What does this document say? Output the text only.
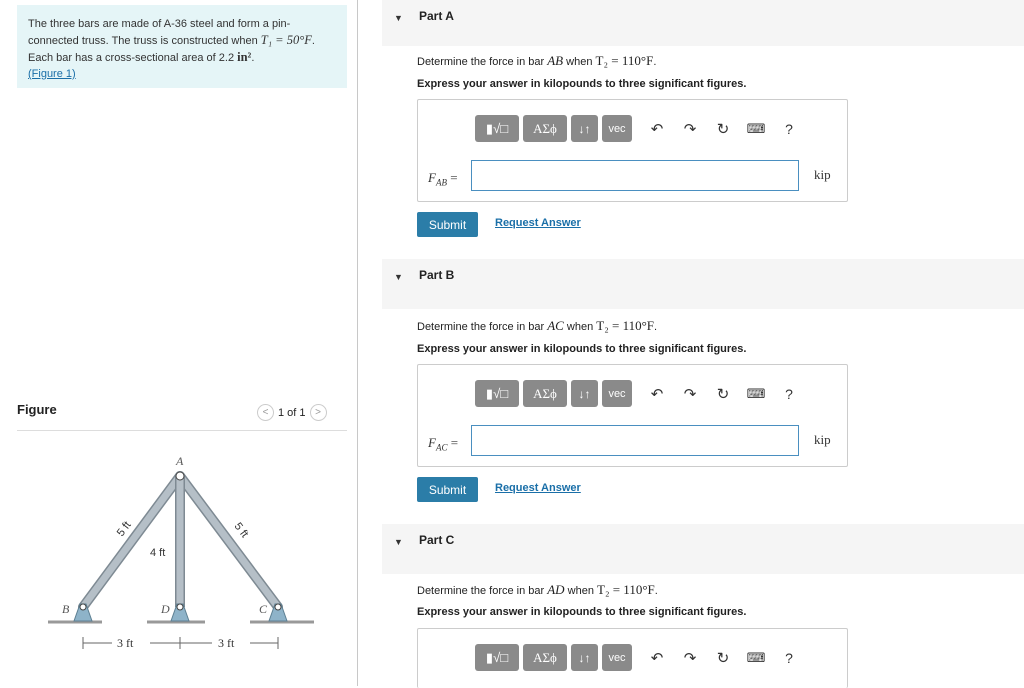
The three bars are made of A-36 steel and form a pin-
connected truss. The truss is constructed when T₁ = 50°F.
Each bar has a cross-sectional area of 2.2 in².
(Figure 1)
Figure	< 1 of 1 >
A
B	D	C
5 ft	5 ft
4 ft
3 ft	3 ft
▼ Part A
Determine the force in bar AB when T₂ = 110°F.
Express your answer in kilopounds to three significant figures.
▮√□	AΣϕ	↓↑	vec	↶	↷	↻	⌨	?
$F_{AB}$ =	kip
Submit	Request Answer
▼ Part B
Determine the force in bar AC when T₂ = 110°F.
Express your answer in kilopounds to three significant figures.
▮√□	AΣϕ	↓↑	vec	↶	↷	↻	⌨	?
$F_{AC}$ =	kip
Submit	Request Answer
▼ Part C
Determine the force in bar AD when T₂ = 110°F.
Express your answer in kilopounds to three significant figures.
▮√□	AΣϕ	↓↑	vec	↶	↷	↻	⌨	?
